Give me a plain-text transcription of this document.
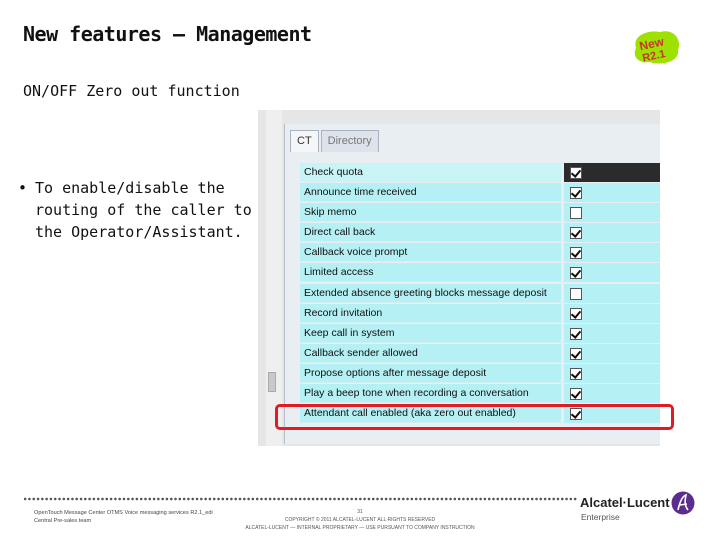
New features – Management	New
R2.1
ON/OFF Zero out function
• To enable/disable the routing of the caller to the Operator/Assistant.
CT	Directory
Check quota
Announce time received
Skip memo
Direct call back
Callback voice prompt
Limited access
Extended absence greeting blocks message deposit
Record invitation
Keep call in system
Callback sender allowed
Propose options after message deposit
Play a beep tone when recording a conversation
Attendant call enabled (aka zero out enabled)
OpenTouch Message Center OTMS Voice messaging services R2.1_edi
Central Pre-sales team
31
COPYRIGHT © 2011 ALCATEL-LUCENT ALL RIGHTS RESERVED
ALCATEL-LUCENT — INTERNAL PROPRIETARY — USE PURSUANT TO COMPANY INSTRUCTION
Alcatel·Lucent
Enterprise
